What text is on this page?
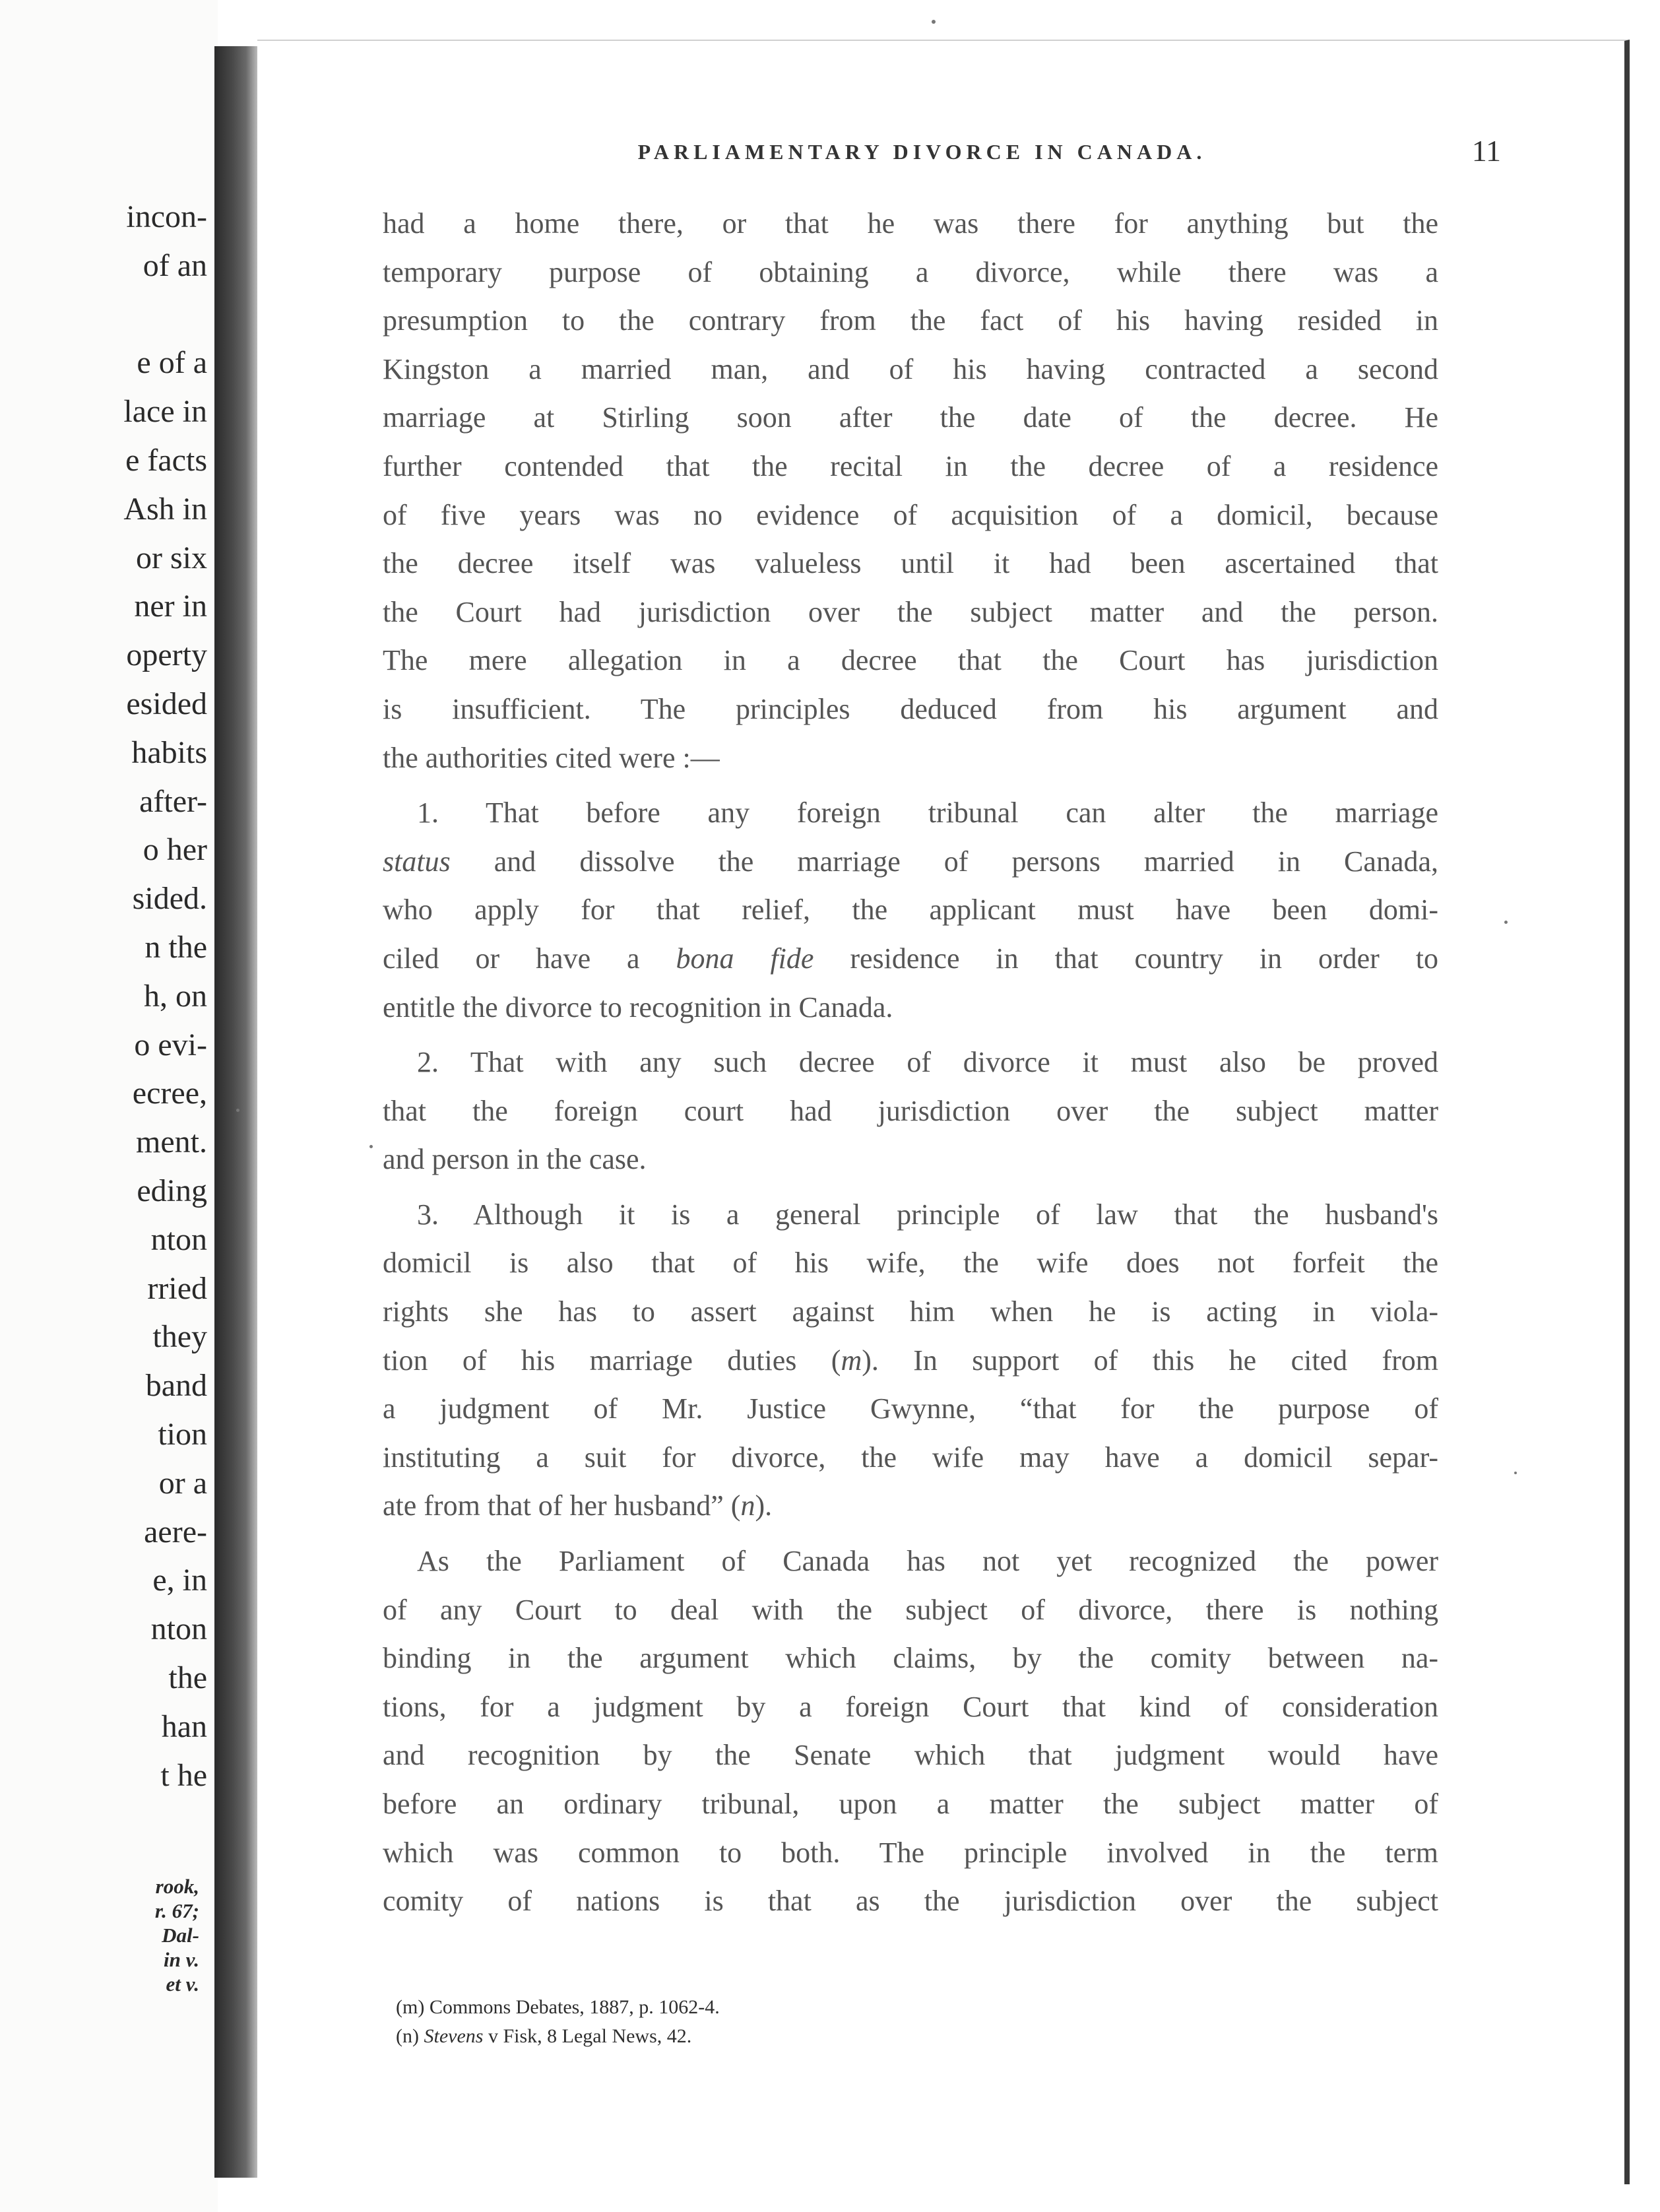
incon-
of an
e of a
lace in
e facts
Ash in
or six
ner in
operty
esided
habits
after-
o her
sided.
n the
h, on
o evi-
ecree,
ment.
eding
nton
rried
they
band
tion
or a
aere-
e, in
nton
the
han
t he
rook,
r. 67;
Dal-
in v.
et v.
PARLIAMENTARY DIVORCE IN CANADA.	11
had a home there, or that he was there for anything but the
temporary purpose of obtaining a divorce, while there was a
presumption to the contrary from the fact of his having resided in
Kingston a married man, and of his having contracted a second
marriage at Stirling soon after the date of the decree. He
further contended that the recital in the decree of a residence
of five years was no evidence of acquisition of a domicil, because
the decree itself was valueless until it had been ascertained that
the Court had jurisdiction over the subject matter and the person.
The mere allegation in a decree that the Court has jurisdiction
is insufficient. The principles deduced from his argument and
the authorities cited were :—
1. That before any foreign tribunal can alter the marriage
status and dissolve the marriage of persons married in Canada,
who apply for that relief, the applicant must have been domi-
ciled or have a bona fide residence in that country in order to
entitle the divorce to recognition in Canada.
2. That with any such decree of divorce it must also be proved
that the foreign court had jurisdiction over the subject matter
and person in the case.
3. Although it is a general principle of law that the husband's
domicil is also that of his wife, the wife does not forfeit the
rights she has to assert against him when he is acting in viola-
tion of his marriage duties (m). In support of this he cited from
a judgment of Mr. Justice Gwynne, “that for the purpose of
instituting a suit for divorce, the wife may have a domicil separ-
ate from that of her husband” (n).
As the Parliament of Canada has not yet recognized the power
of any Court to deal with the subject of divorce, there is nothing
binding in the argument which claims, by the comity between na-
tions, for a judgment by a foreign Court that kind of consideration
and recognition by the Senate which that judgment would have
before an ordinary tribunal, upon a matter the subject matter of
which was common to both. The principle involved in the term
comity of nations is that as the jurisdiction over the subject
(m) Commons Debates, 1887, p. 1062-4.
(n) Stevens v Fisk, 8 Legal News, 42.
